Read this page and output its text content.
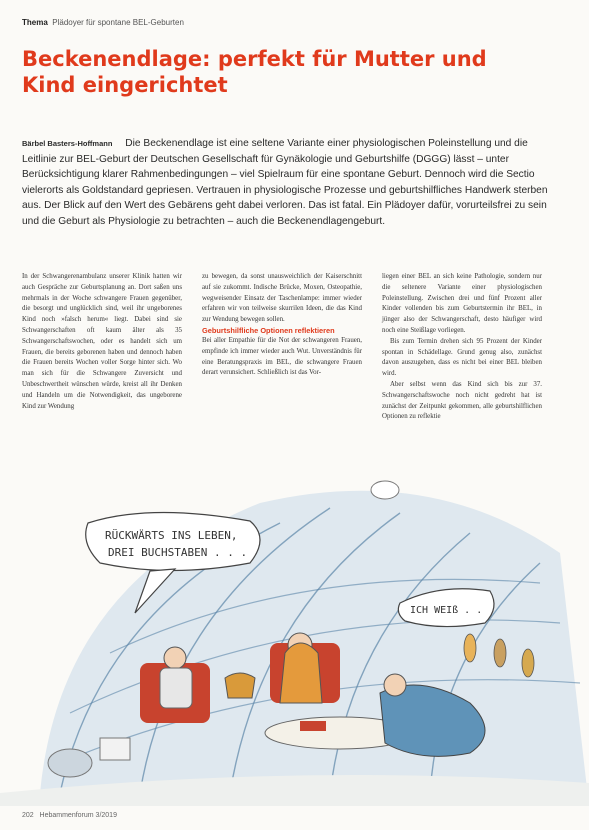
Thema Plädoyer für spontane BEL-Geburten
Beckenendlage: perfekt für Mutter und Kind eingerichtet

Bärbel Basters-Hoffmann Die Beckenendlage ist eine seltene Variante einer physiologischen Poleinstellung und die Leitlinie zur BEL-Geburt der Deutschen Gesellschaft für Gynäkologie und Geburtshilfe (DGGG) lässt – unter Berücksichtigung klarer Rahmenbedingungen – viel Spielraum für eine spontane Geburt. Dennoch wird die Sectio vielerorts als Goldstandard gepriesen. Vertrauen in physiologische Prozesse und geburtshilfliches Handwerk sterben aus. Der Blick auf den Wert des Gebärens geht dabei verloren. Das ist fatal. Ein Plädoyer dafür, vorurteilsfrei zu sein und die Geburt als Physiologie zu betrachten – auch die Beckenendlagengeburt.

In der Schwangerenambulanz unserer Klinik hatten wir auch Gespräche zur Geburtsplanung an. Dort saßen uns mehrmals in der Woche schwangere Frauen gegenüber, die besorgt und unglücklich sind, weil ihr ungeborenes Kind noch »falsch herum« liegt. Dabei sind sie Schwangerschaften oft kaum älter als 35 Schwangerschaftswochen, oder es handelt sich um Frauen, die bereits geborenen haben und dennoch haben die Frauen bereits Wochen voller Sorge hinter sich. Wo man sich für die Schwangere Zuversicht und Unbeschwertheit wünschen würde, kreist all ihr Denken und Handeln um die Notwendigkeit, das ungeborene Kind zur Wendung

zu bewegen, da sonst unausweichlich der Kaiserschnitt auf sie zukommt. Indische Brücke, Moxen, Osteopathie, wegweisender Einsatz der Taschenlampe: immer wieder erfahren wir von teilweise skurrilen Ideen, die das Kind zur Wendung bewegen sollen.

Geburtshilfliche Optionen reflektieren

Bei aller Empathie für die Not der schwangeren Frauen, empfinde ich immer wieder auch Wut. Unverständnis für eine Beratungspraxis im BEL, die schwangere Frauen derart verunsichert. Schließlich ist das Vor-

liegen einer BEL an sich keine Pathologie, sondern nur die seltenere Variante einer physiologischen Poleinstellung. Zwischen drei und fünf Prozent aller Kinder vollenden bis zum Geburtstermin ihr BEL, in jünger also der Schwangerschaft, desto häufiger wird noch eine Steißlage vorliegen.

Bis zum Termin drehen sich 95 Prozent der Kinder spontan in Schädellage. Grund genug also, zunächst davon auszugehen, dass es nicht bei einer BEL bleiben wird.

Aber selbst wenn das Kind sich bis zur 37. Schwangerschaftswoche noch nicht gedreht hat ist zunächst der Zeitpunkt gekommen, alle geburtshilflichen Optionen zu reflektie

RÜCKWÄRTS INS LEBEN,
DREI BUCHSTABEN . . .
ICH WEIß . .
202 Hebammenforum 3/2019
